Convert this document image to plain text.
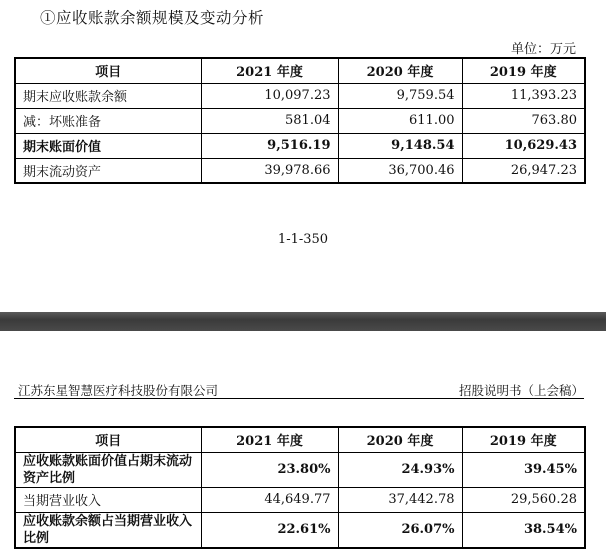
①应收账款余额规模及变动分析
单位：万元
项目	2021 年度	2020 年度	2019 年度
期末应收账款余额	10,097.23	9,759.54	11,393.23
减：坏账准备	581.04	611.00	763.80
期末账面价值	9,516.19	9,148.54	10,629.43
期末流动资产	39,978.66	36,700.46	26,947.23
1-1-350
江苏东星智慧医疗科技股份有限公司	招股说明书（上会稿）
项目	2021 年度	2020 年度	2019 年度
应收账款账面价值占期末流动资产比例	23.80%	24.93%	39.45%
当期营业收入	44,649.77	37,442.78	29,560.28
应收账款余额占当期营业收入比例	22.61%	26.07%	38.54%
